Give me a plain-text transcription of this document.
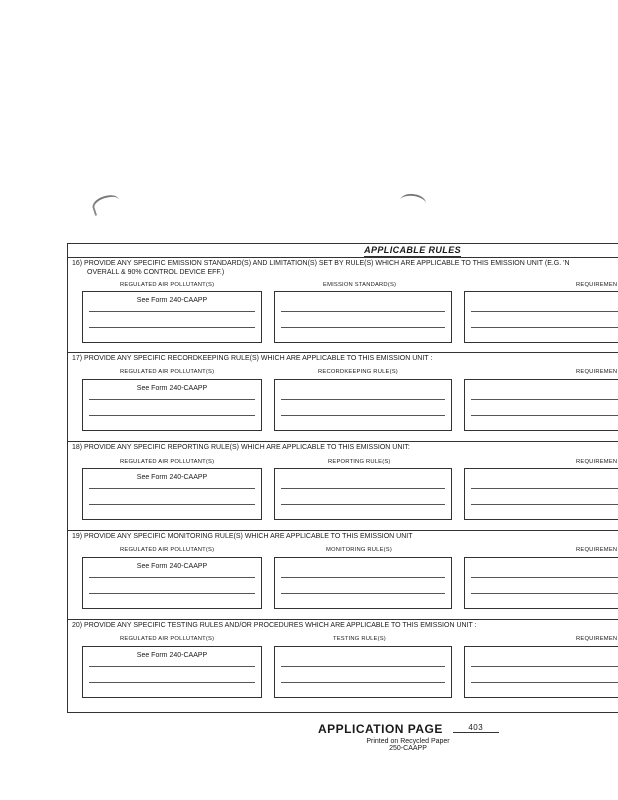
APPLICABLE RULES
16) PROVIDE ANY SPECIFIC EMISSION STANDARD(S) AND LIMITATION(S) SET BY RULE(S) WHICH ARE APPLICABLE TO THIS EMISSION UNIT (E.G. 'N
OVERALL & 90% CONTROL DEVICE EFF.)
REGULATED AIR POLLUTANT(S)	EMISSION STANDARD(S)	REQUIREMEN
See Form 240-CAAPP
17) PROVIDE ANY SPECIFIC RECORDKEEPING RULE(S) WHICH ARE APPLICABLE TO THIS EMISSION UNIT :
REGULATED AIR POLLUTANT(S)	RECORDKEEPING RULE(S)	REQUIREMEN
See Form 240-CAAPP
18) PROVIDE ANY SPECIFIC REPORTING RULE(S) WHICH ARE APPLICABLE TO THIS EMISSION UNIT:
REGULATED AIR POLLUTANT(S)	REPORTING RULE(S)	REQUIREMEN
See Form 240-CAAPP
19) PROVIDE ANY SPECIFIC MONITORING RULE(S) WHICH ARE APPLICABLE TO THIS EMISSION UNIT
REGULATED AIR POLLUTANT(S)	MONITORING RULE(S)	REQUIREMEN
See Form 240-CAAPP
20) PROVIDE ANY SPECIFIC TESTING RULES AND/OR PROCEDURES WHICH ARE APPLICABLE TO THIS EMISSION UNIT :
REGULATED AIR POLLUTANT(S)	TESTING RULE(S)	REQUIREMEN
See Form 240-CAAPP
APPLICATION PAGE	403
Printed on Recycled Paper
250-CAAPP
